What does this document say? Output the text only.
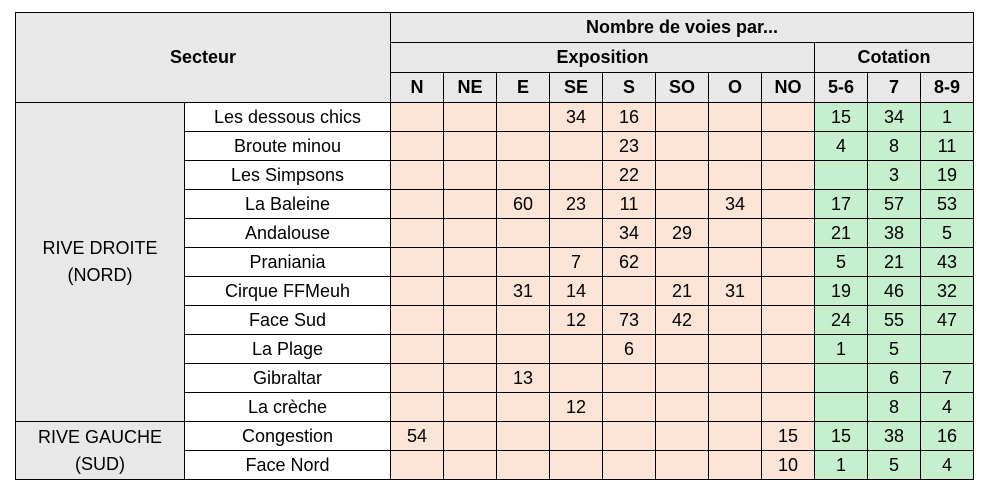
Secteur		Nombre de voies par...										
		Exposition								Cotation		
		N	NE	E	SE	S	SO	O	NO	5-6	7	8-9

RIVE DROITE
(NORD)	Les dessous chics				34	16				15	34	1
	Broute minou					23				4	8	11
	Les Simpsons					22					3	19
	La Baleine			60	23	11		34		17	57	53
	Andalouse					34	29			21	38	5
	Praniania				7	62				5	21	43
	Cirque FFMeuh			31	14		21	31		19	46	32
	Face Sud				12	73	42			24	55	47
	La Plage					6				1	5	
	Gibraltar			13							6	7
	La crèche				12						8	4

RIVE GAUCHE
(SUD)	Congestion	54							15	15	38	16
	Face Nord								10	1	5	4
